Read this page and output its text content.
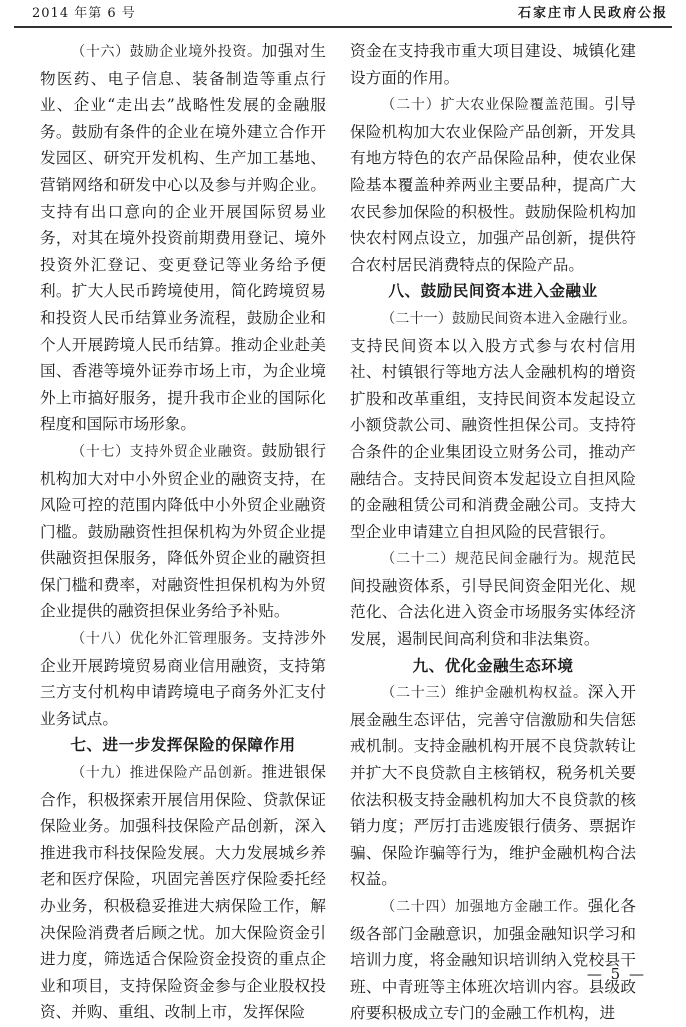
2014 年第 6 号	石家庄市人民政府公报

（十六）鼓励企业境外投资。加强对生物医药、电子信息、装备制造等重点行业、企业“走出去”战略性发展的金融服务。鼓励有条件的企业在境外建立合作开发园区、研究开发机构、生产加工基地、营销网络和研发中心以及参与并购企业。支持有出口意向的企业开展国际贸易业务，对其在境外投资前期费用登记、境外投资外汇登记、变更登记等业务给予便利。扩大人民币跨境使用，简化跨境贸易和投资人民币结算业务流程，鼓励企业和个人开展跨境人民币结算。推动企业赴美国、香港等境外证券市场上市，为企业境外上市搞好服务，提升我市企业的国际化程度和国际市场形象。

（十七）支持外贸企业融资。鼓励银行机构加大对中小外贸企业的融资支持，在风险可控的范围内降低中小外贸企业融资门槛。鼓励融资性担保机构为外贸企业提供融资担保服务，降低外贸企业的融资担保门槛和费率，对融资性担保机构为外贸企业提供的融资担保业务给予补贴。

（十八）优化外汇管理服务。支持涉外企业开展跨境贸易商业信用融资，支持第三方支付机构申请跨境电子商务外汇支付业务试点。

七、进一步发挥保险的保障作用

（十九）推进保险产品创新。推进银保合作，积极探索开展信用保险、贷款保证保险业务。加强科技保险产品创新，深入推进我市科技保险发展。大力发展城乡养老和医疗保险，巩固完善医疗保险委托经办业务，积极稳妥推进大病保险工作，解决保险消费者后顾之忧。加大保险资金引进力度，筛选适合保险资金投资的重点企业和项目，支持保险资金参与企业股权投资、并购、重组、改制上市，发挥保险

资金在支持我市重大项目建设、城镇化建设方面的作用。

（二十）扩大农业保险覆盖范围。引导保险机构加大农业保险产品创新，开发具有地方特色的农产品保险品种，使农业保险基本覆盖种养两业主要品种，提高广大农民参加保险的积极性。鼓励保险机构加快农村网点设立，加强产品创新，提供符合农村居民消费特点的保险产品。

八、鼓励民间资本进入金融业

（二十一）鼓励民间资本进入金融行业。支持民间资本以入股方式参与农村信用社、村镇银行等地方法人金融机构的增资扩股和改革重组，支持民间资本发起设立小额贷款公司、融资性担保公司。支持符合条件的企业集团设立财务公司，推动产融结合。支持民间资本发起设立自担风险的金融租赁公司和消费金融公司。支持大型企业申请建立自担风险的民营银行。

（二十二）规范民间金融行为。规范民间投融资体系，引导民间资金阳光化、规范化、合法化进入资金市场服务实体经济发展，遏制民间高利贷和非法集资。

九、优化金融生态环境

（二十三）维护金融机构权益。深入开展金融生态评估，完善守信激励和失信惩戒机制。支持金融机构开展不良贷款转让并扩大不良贷款自主核销权，税务机关要依法积极支持金融机构加大不良贷款的核销力度；严厉打击逃废银行债务、票据诈骗、保险诈骗等行为，维护金融机构合法权益。

（二十四）加强地方金融工作。强化各级各部门金融意识，加强金融知识学习和培训力度，将金融知识培训纳入党校县干班、中青班等主体班次培训内容。县级政府要积极成立专门的金融工作机构，进

— 5 —
